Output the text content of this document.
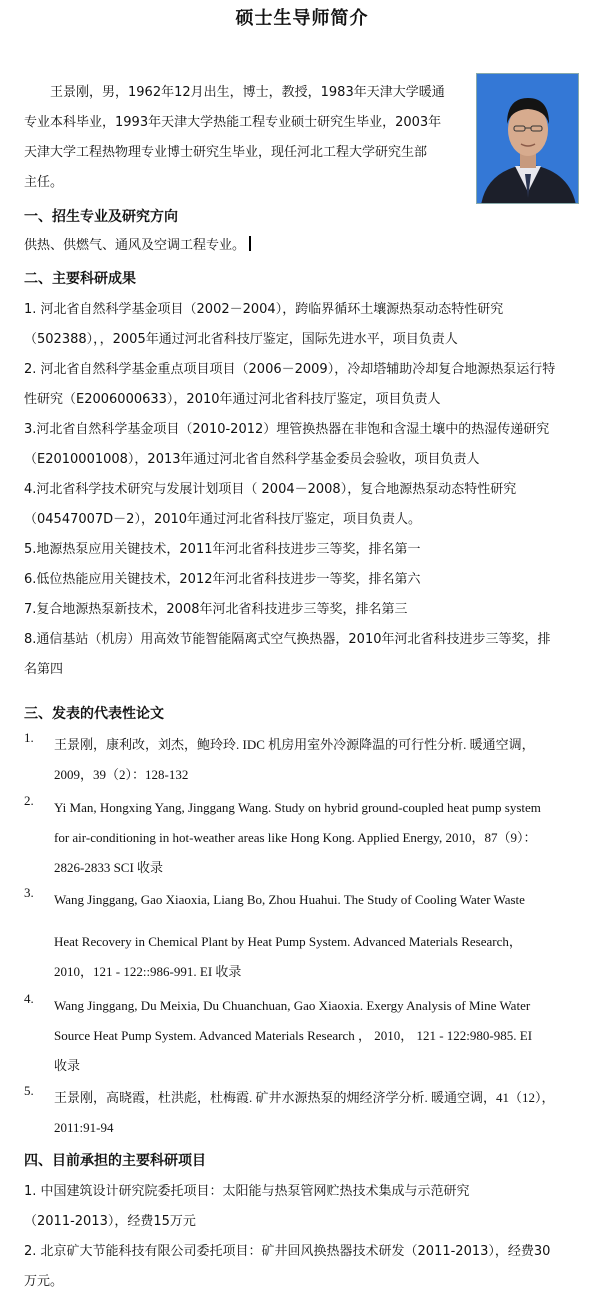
硕士生导师简介
王景刚，男，1962年12月出生，博士，教授，1983年天津大学暖通
专业本科毕业，1993年天津大学热能工程专业硕士研究生毕业，2003年
天津大学工程热物理专业博士研究生毕业，现任河北工程大学研究生部
主任。
一、招生专业及研究方向
供热、供燃气、通风及空调工程专业。
二、主要科研成果
1. 河北省自然科学基金项目（2002－2004），跨临界循环土壤源热泵动态特性研究
（502388），，2005年通过河北省科技厅鉴定，国际先进水平，项目负责人
2. 河北省自然科学基金重点项目项目（2006－2009），冷却塔辅助冷却复合地源热泵运行特
性研究（E2006000633），2010年通过河北省科技厅鉴定，项目负责人
3.河北省自然科学基金项目（2010-2012）埋管换热器在非饱和含湿土壤中的热湿传递研究
（E2010001008），2013年通过河北省自然科学基金委员会验收，项目负责人
4.河北省科学技术研究与发展计划项目（ 2004－2008），复合地源热泵动态特性研究
（04547007D－2），2010年通过河北省科技厅鉴定，项目负责人。
5.地源热泵应用关键技术，2011年河北省科技进步三等奖，排名第一
6.低位热能应用关键技术，2012年河北省科技进步一等奖，排名第六
7.复合地源热泵新技术，2008年河北省科技进步三等奖，排名第三
8.通信基站（机房）用高效节能智能隔离式空气换热器，2010年河北省科技进步三等奖，排
名第四
三、发表的代表性论文
1. 王景刚，康利改，刘杰，鲍玲玲. IDC 机房用室外冷源降温的可行性分析. 暖通空调，
2009，39（2）：128-132
2. Yi Man, Hongxing Yang, Jinggang Wang. Study on hybrid ground-coupled heat pump system
for air-conditioning in hot-weather areas like Hong Kong. Applied Energy, 2010，87（9）：
2826-2833 SCI 收录
3. Wang Jinggang, Gao Xiaoxia, Liang Bo, Zhou Huahui. The Study of Cooling Water Waste
Heat Recovery in Chemical Plant by Heat Pump System. Advanced Materials Research，
2010，121 - 122::986-991. EI 收录
4. Wang Jinggang, Du Meixia, Du Chuanchuan, Gao Xiaoxia. Exergy Analysis of Mine Water
Source Heat Pump System. Advanced Materials Research ， 2010， 121 - 122:980-985. EI
收录
5. 王景刚，高晓霞，杜洪彪，杜梅霞. 矿井水源热泵的㶲经济学分析. 暖通空调，41（12），
2011:91-94
四、目前承担的主要科研项目
1. 中国建筑设计研究院委托项目：太阳能与热泵管网贮热技术集成与示范研究
（2011-2013），经费15万元
2. 北京矿大节能科技有限公司委托项目：矿井回风换热器技术研发（2011-2013），经费30
万元。
